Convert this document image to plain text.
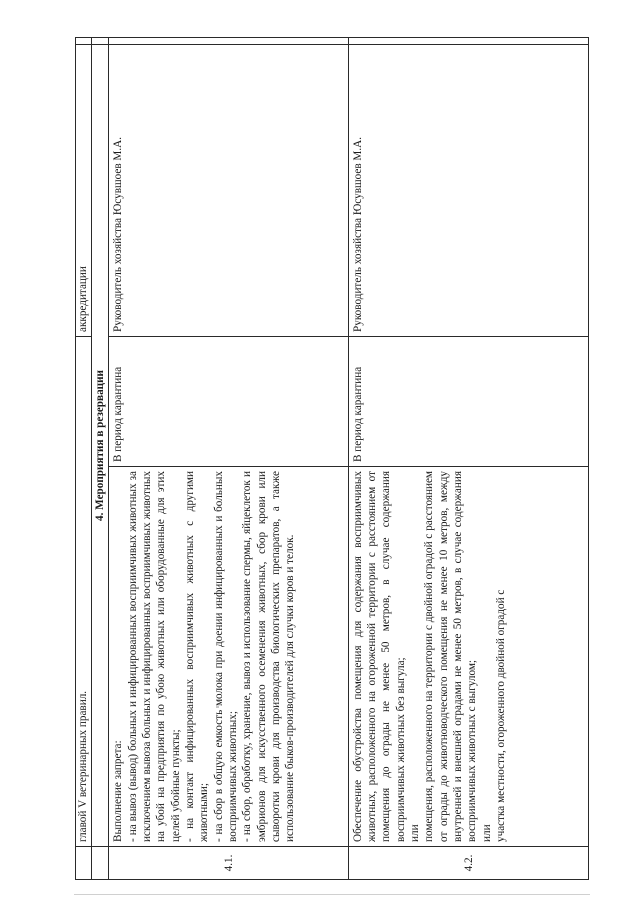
	главой V ветеринарных правил.		аккредитации	
	4. Мероприятия в резервации			
4.1.	Выполнение запрета: - на вывоз (вывод) больных и инфицированных восприимчивых животных за исключением вывоза больных и инфицированных восприимчивых животных на убой на предприятия по убою животных или оборудованные для этих целей убойные пункты; - на контакт инфицированных восприимчивых животных с другими животными; - на сбор в общую емкость молока при доении инфицированных и больных восприимчивых животных; - на сбор, обработку, хранение, вывоз и использование спермы, яйцеклеток и эмбрионов для искусственного осеменения животных, сбор крови или сыворотки крови для производства биологических препаратов, а также использование быков-производителей для случки коров и телок.	В период карантина	Руководитель хозяйства Юсувшоев М.А.	
4.2.	Обеспечение обустройства помещения для содержания восприимчивых животных, расположенного на огороженной территории с расстоянием от помещения до ограды не менее 50 метров, в случае содержания восприимчивых животных без выгула; или помещения, расположенного на территории с двойной оградой с расстоянием от ограды до животноводческого помещения не менее 10 метров, между внутренней и внешней оградами не менее 50 метров, в случае содержания восприимчивых животных с выгулом; или участка местности, огороженного двойной оградой с	В период карантина	Руководитель хозяйства Юсувшоев М.А.	
